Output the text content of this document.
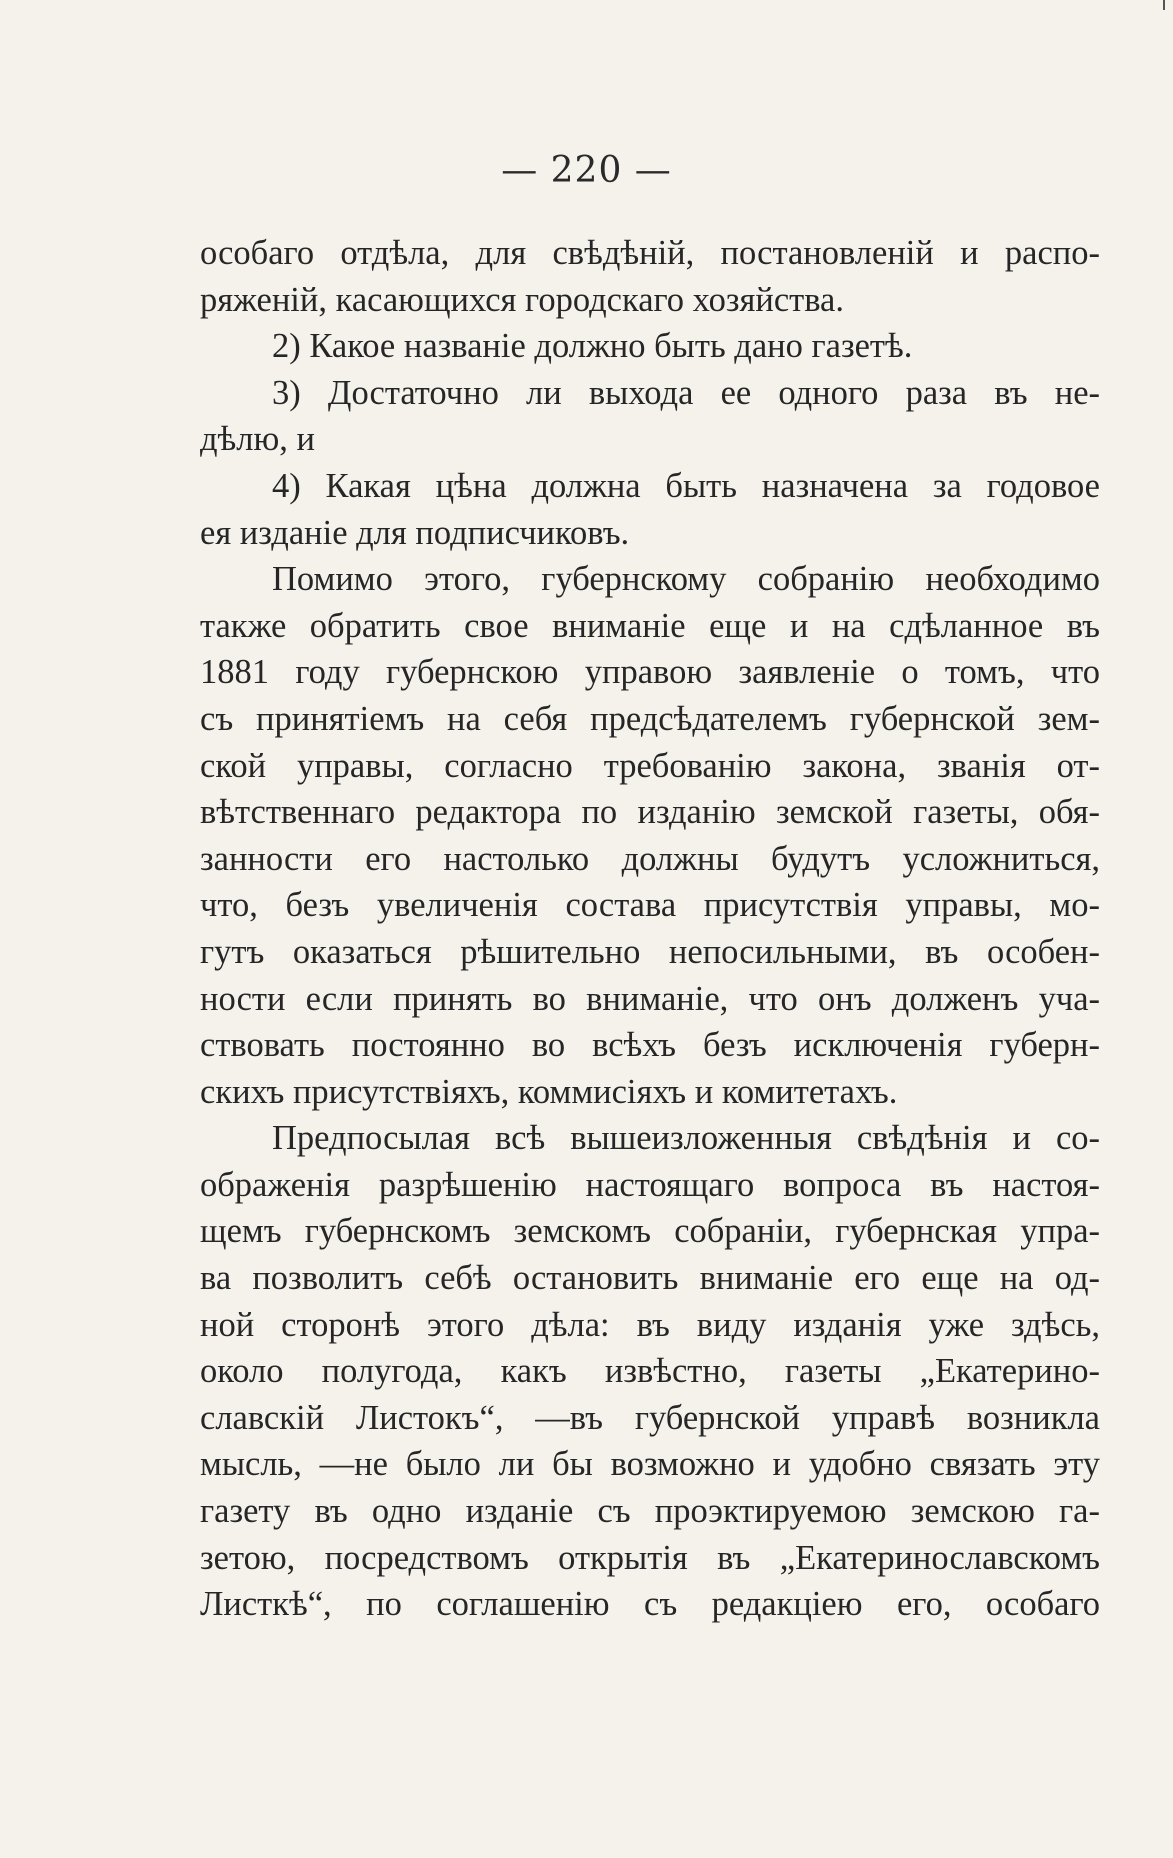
— 220 —
особаго отдѣла, для свѣдѣній, постановленій и распо-
ряженій, касающихся городскаго хозяйства.
2) Какое названіе должно быть дано газетѣ.
3) Достаточно ли выхода ее одного раза въ не-
дѣлю, и
4) Какая цѣна должна быть назначена за годовое
ея изданіе для подписчиковъ.
Помимо этого, губернскому собранію необходимо
также обратить свое вниманіе еще и на сдѣланное въ
1881 году губернскою управою заявленіе о томъ, что
съ принятіемъ на себя предсѣдателемъ губернской зем-
ской управы, согласно требованію закона, званія от-
вѣтственнаго редактора по изданію земской газеты, обя-
занности его настолько должны будутъ усложниться,
что, безъ увеличенія состава присутствія управы, мо-
гутъ оказаться рѣшительно непосильными, въ особен-
ности если принять во вниманіе, что онъ долженъ уча-
ствовать постоянно во всѣхъ безъ исключенія губерн-
скихъ присутствіяхъ, коммисіяхъ и комитетахъ.
Предпосылая всѣ вышеизложенныя свѣдѣнія и со-
ображенія разрѣшенію настоящаго вопроса въ настоя-
щемъ губернскомъ земскомъ собраніи, губернская упра-
ва позволитъ себѣ остановить вниманіе его еще на од-
ной сторонѣ этого дѣла: въ виду изданія уже здѣсь,
около полугода, какъ извѣстно, газеты „Екатерино-
славскій Листокъ“, —въ губернской управѣ возникла
мысль, —не было ли бы возможно и удобно связать эту
газету въ одно изданіе съ проэктируемою земскою га-
зетою, посредствомъ открытія въ „Екатеринославскомъ
Листкѣ“, по соглашенію съ редакціею его, особаго
